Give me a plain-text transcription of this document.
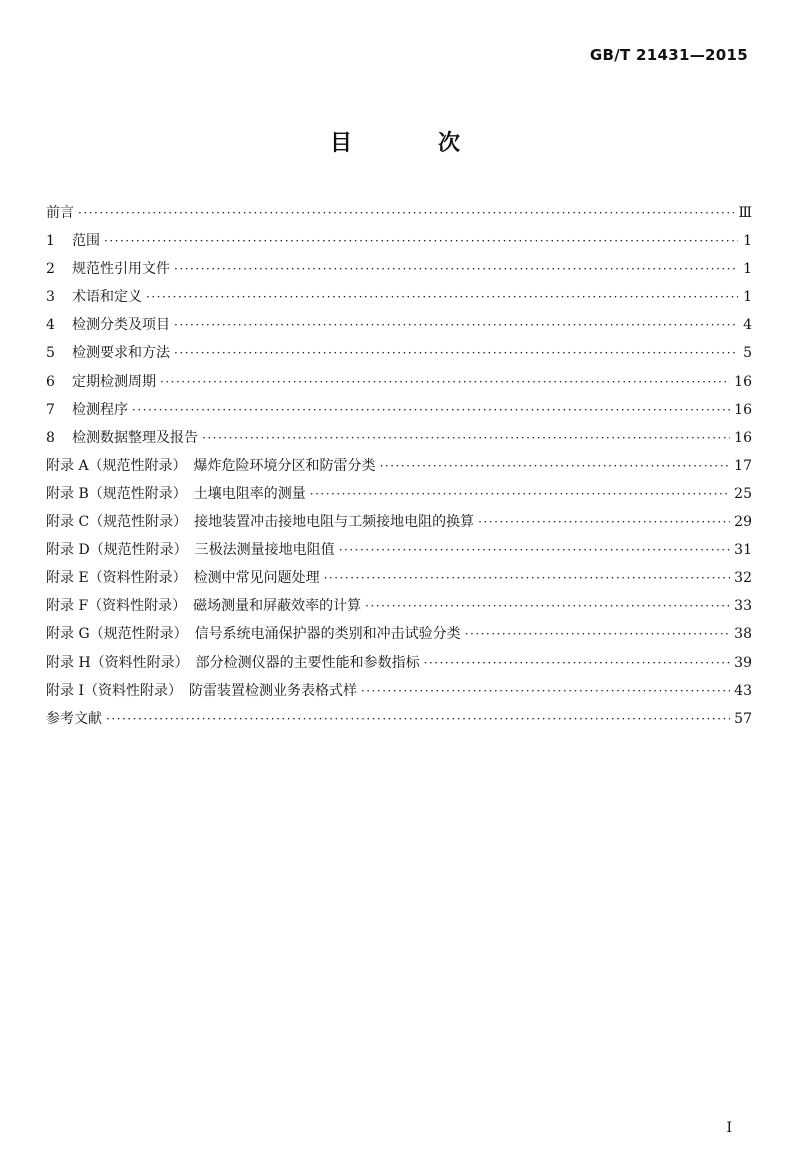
GB/T 21431—2015
目　次
前言 ·····	Ⅲ
1	范围 ·····	1
2	规范性引用文件 ·····	1
3	术语和定义 ·····	1
4	检测分类及项目 ·····	4
5	检测要求和方法 ·····	5
6	定期检测周期 ·····	16
7	检测程序 ·····	16
8	检测数据整理及报告 ·····	16
附录 A（规范性附录）　爆炸危险环境分区和防雷分类 ·····	17
附录 B（规范性附录）　土壤电阻率的测量 ·····	25
附录 C（规范性附录）　接地装置冲击接地电阻与工频接地电阻的换算 ·····	29
附录 D（规范性附录）　三极法测量接地电阻值 ·····	31
附录 E（资料性附录）　检测中常见问题处理 ·····	32
附录 F（资料性附录）　磁场测量和屏蔽效率的计算 ·····	33
附录 G（规范性附录）　信号系统电涌保护器的类别和冲击试验分类 ·····	38
附录 H（资料性附录）　部分检测仪器的主要性能和参数指标 ·····	39
附录 I（资料性附录）　防雷装置检测业务表格式样 ·····	43
参考文献 ·····	57
I
